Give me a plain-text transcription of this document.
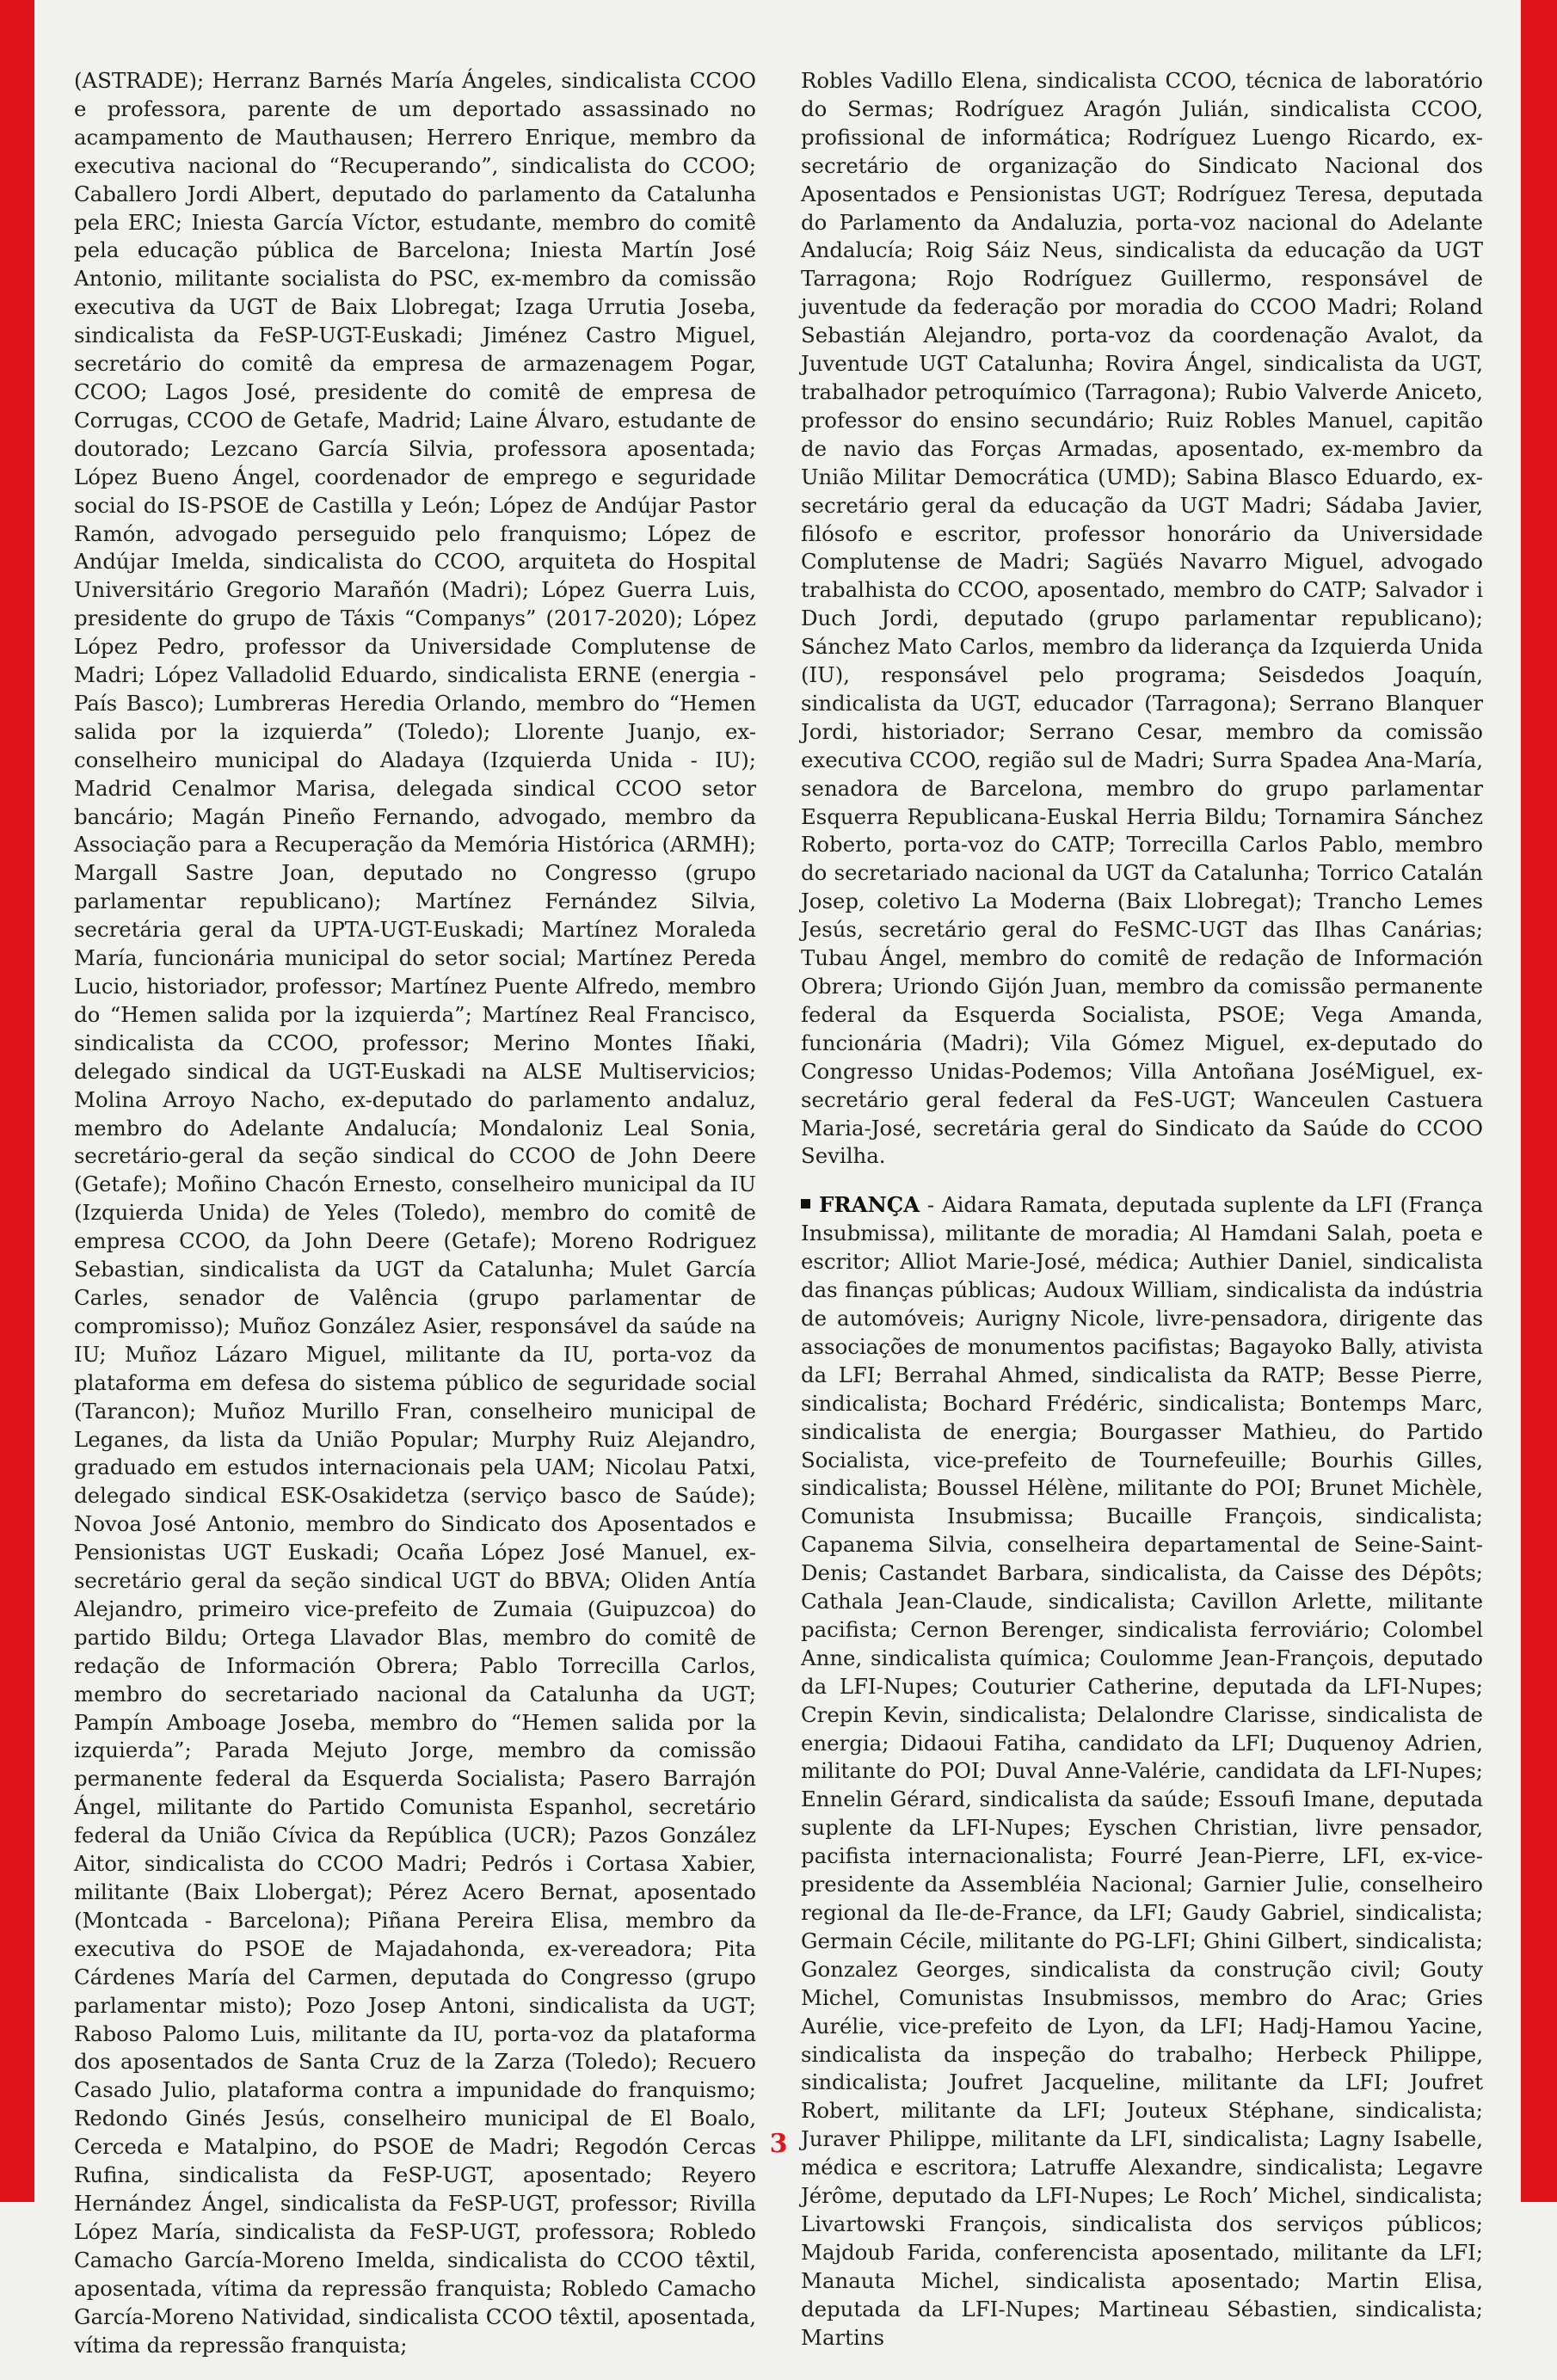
(ASTRADE); Herranz Barnés María Ángeles, sindicalista CCOO e professora, parente de um deportado assassinado no acampamento de Mauthausen; Herrero Enrique, membro da executiva nacional do “Recuperando”, sindicalista do CCOO; Caballero Jordi Albert, deputado do parlamento da Catalunha pela ERC; Iniesta García Víctor, estudante, membro do comitê pela educação pública de Barcelona; Iniesta Martín José Antonio, militante socialista do PSC, ex-membro da comissão executiva da UGT de Baix Llobregat; Izaga Urrutia Joseba, sindicalista da FeSP-UGT-Euskadi; Jiménez Castro Miguel, secretário do comitê da empresa de armazenagem Pogar, CCOO; Lagos José, presidente do comitê de empresa de Corrugas, CCOO de Getafe, Madrid; Laine Álvaro, estudante de doutorado; Lezcano García Silvia, professora aposentada; López Bueno Ángel, coordenador de emprego e seguridade social do IS-PSOE de Castilla y León; López de Andújar Pastor Ramón, advogado perseguido pelo franquismo; López de Andújar Imelda, sindicalista do CCOO, arquiteta do Hospital Universitário Gregorio Marañón (Madri); López Guerra Luis, presidente do grupo de Táxis “Companys” (2017-2020); López López Pedro, professor da Universidade Complutense de Madri; López Valladolid Eduardo, sindicalista ERNE (energia - País Basco); Lumbreras Heredia Orlando, membro do “Hemen salida por la izquierda” (Toledo); Llorente Juanjo, ex-conselheiro municipal do Aladaya (Izquierda Unida - IU); Madrid Cenalmor Marisa, delegada sindical CCOO setor bancário; Magán Pineño Fernando, advogado, membro da Associação para a Recuperação da Memória Histórica (ARMH); Margall Sastre Joan, deputado no Congresso (grupo parlamentar republicano); Martínez Fernández Silvia, secretária geral da UPTA-UGT-Euskadi; Martínez Moraleda María, funcionária municipal do setor social; Martínez Pereda Lucio, historiador, professor; Martínez Puente Alfredo, membro do “Hemen salida por la izquierda”; Martínez Real Francisco, sindicalista da CCOO, professor; Merino Montes Iñaki, delegado sindical da UGT-Euskadi na ALSE Multiservicios; Molina Arroyo Nacho, ex-deputado do parlamento andaluz, membro do Adelante Andalucía; Mondaloniz Leal Sonia, secretário-geral da seção sindical do CCOO de John Deere (Getafe); Moñino Chacón Ernesto, conselheiro municipal da IU (Izquierda Unida) de Yeles (Toledo), membro do comitê de empresa CCOO, da John Deere (Getafe); Moreno Rodriguez Sebastian, sindicalista da UGT da Catalunha; Mulet García Carles, senador de Valência (grupo parlamentar de compromisso); Muñoz González Asier, responsável da saúde na IU; Muñoz Lázaro Miguel, militante da IU, porta-voz da plataforma em defesa do sistema público de seguridade social (Tarancon); Muñoz Murillo Fran, conselheiro municipal de Leganes, da lista da União Popular; Murphy Ruiz Alejandro, graduado em estudos internacionais pela UAM; Nicolau Patxi, delegado sindical ESK-Osakidetza (serviço basco de Saúde); Novoa José Antonio, membro do Sindicato dos Aposentados e Pensionistas UGT Euskadi; Ocaña López José Manuel, ex-secretário geral da seção sindical UGT do BBVA; Oliden Antía Alejandro, primeiro vice-prefeito de Zumaia (Guipuzcoa) do partido Bildu; Ortega Llavador Blas, membro do comitê de redação de Información Obrera; Pablo Torrecilla Carlos, membro do secretariado nacional da Catalunha da UGT; Pampín Amboage Joseba, membro do “Hemen salida por la izquierda”; Parada Mejuto Jorge, membro da comissão permanente federal da Esquerda Socialista; Pasero Barrajón Ángel, militante do Partido Comunista Espanhol, secretário federal da União Cívica da República (UCR); Pazos González Aitor, sindicalista do CCOO Madri; Pedrós i Cortasa Xabier, militante (Baix Llobergat); Pérez Acero Bernat, aposentado (Montcada - Barcelona); Piñana Pereira Elisa, membro da executiva do PSOE de Majadahonda, ex-vereadora; Pita Cárdenes María del Carmen, deputada do Congresso (grupo parlamentar misto); Pozo Josep Antoni, sindicalista da UGT; Raboso Palomo Luis, militante da IU, porta-voz da plataforma dos aposentados de Santa Cruz de la Zarza (Toledo); Recuero Casado Julio, plataforma contra a impunidade do franquismo; Redondo Ginés Jesús, conselheiro municipal de El Boalo, Cerceda e Matalpino, do PSOE de Madri; Regodón Cercas Rufina, sindicalista da FeSP-UGT, aposentado; Reyero Hernández Ángel, sindicalista da FeSP-UGT, professor; Rivilla López María, sindicalista da FeSP-UGT, professora; Robledo Camacho García-Moreno Imelda, sindicalista do CCOO têxtil, aposentada, vítima da repressão franquista; Robledo Camacho García-Moreno Natividad, sindicalista CCOO têxtil, aposentada, vítima da repressão franquista;

Robles Vadillo Elena, sindicalista CCOO, técnica de laboratório do Sermas; Rodríguez Aragón Julián, sindicalista CCOO, profissional de informática; Rodríguez Luengo Ricardo, ex-secretário de organização do Sindicato Nacional dos Aposentados e Pensionistas UGT; Rodríguez Teresa, deputada do Parlamento da Andaluzia, porta-voz nacional do Adelante Andalucía; Roig Sáiz Neus, sindicalista da educação da UGT Tarragona; Rojo Rodríguez Guillermo, responsável de juventude da federação por moradia do CCOO Madri; Roland Sebastián Alejandro, porta-voz da coordenação Avalot, da Juventude UGT Catalunha; Rovira Ángel, sindicalista da UGT, trabalhador petroquímico (Tarragona); Rubio Valverde Aniceto, professor do ensino secundário; Ruiz Robles Manuel, capitão de navio das Forças Armadas, aposentado, ex-membro da União Militar Democrática (UMD); Sabina Blasco Eduardo, ex-secretário geral da educação da UGT Madri; Sádaba Javier, filósofo e escritor, professor honorário da Universidade Complutense de Madri; Sagüés Navarro Miguel, advogado trabalhista do CCOO, aposentado, membro do CATP; Salvador i Duch Jordi, deputado (grupo parlamentar republicano); Sánchez Mato Carlos, membro da liderança da Izquierda Unida (IU), responsável pelo programa; Seisdedos Joaquín, sindicalista da UGT, educador (Tarragona); Serrano Blanquer Jordi, historiador; Serrano Cesar, membro da comissão executiva CCOO, região sul de Madri; Surra Spadea Ana-María, senadora de Barcelona, membro do grupo parlamentar Esquerra Republicana-Euskal Herria Bildu; Tornamira Sánchez Roberto, porta-voz do CATP; Torrecilla Carlos Pablo, membro do secretariado nacional da UGT da Catalunha; Torrico Catalán Josep, coletivo La Moderna (Baix Llobregat); Trancho Lemes Jesús, secretário geral do FeSMC-UGT das Ilhas Canárias; Tubau Ángel, membro do comitê de redação de Información Obrera; Uriondo Gijón Juan, membro da comissão permanente federal da Esquerda Socialista, PSOE; Vega Amanda, funcionária (Madri); Vila Gómez Miguel, ex-deputado do Congresso Unidas-Podemos; Villa Antoñana JoséMiguel, ex-secretário geral federal da FeS-UGT; Wanceulen Castuera Maria-José, secretária geral do Sindicato da Saúde do CCOO Sevilha.

FRANÇA - Aidara Ramata, deputada suplente da LFI (França Insubmissa), militante de moradia; Al Hamdani Salah, poeta e escritor; Alliot Marie-José, médica; Authier Daniel, sindicalista das finanças públicas; Audoux William, sindicalista da indústria de automóveis; Aurigny Nicole, livre-pensadora, dirigente das associações de monumentos pacifistas; Bagayoko Bally, ativista da LFI; Berrahal Ahmed, sindicalista da RATP; Besse Pierre, sindicalista; Bochard Frédéric, sindicalista; Bontemps Marc, sindicalista de energia; Bourgasser Mathieu, do Partido Socialista, vice-prefeito de Tournefeuille; Bourhis Gilles, sindicalista; Boussel Hélène, militante do POI; Brunet Michèle, Comunista Insubmissa; Bucaille François, sindicalista; Capanema Silvia, conselheira departamental de Seine-Saint-Denis; Castandet Barbara, sindicalista, da Caisse des Dépôts; Cathala Jean-Claude, sindicalista; Cavillon Arlette, militante pacifista; Cernon Berenger, sindicalista ferroviário; Colombel Anne, sindicalista química; Coulomme Jean-François, deputado da LFI-Nupes; Couturier Catherine, deputada da LFI-Nupes; Crepin Kevin, sindicalista; Delalondre Clarisse, sindicalista de energia; Didaoui Fatiha, candidato da LFI; Duquenoy Adrien, militante do POI; Duval Anne-Valérie, candidata da LFI-Nupes; Ennelin Gérard, sindicalista da saúde; Essoufi Imane, deputada suplente da LFI-Nupes; Eyschen Christian, livre pensador, pacifista internacionalista; Fourré Jean-Pierre, LFI, ex-vice-presidente da Assembléia Nacional; Garnier Julie, conselheiro regional da Ile-de-France, da LFI; Gaudy Gabriel, sindicalista; Germain Cécile, militante do PG-LFI; Ghini Gilbert, sindicalista; Gonzalez Georges, sindicalista da construção civil; Gouty Michel, Comunistas Insubmissos, membro do Arac; Gries Aurélie, vice-prefeito de Lyon, da LFI; Hadj-Hamou Yacine, sindicalista da inspeção do trabalho; Herbeck Philippe, sindicalista; Joufret Jacqueline, militante da LFI; Joufret Robert, militante da LFI; Jouteux Stéphane, sindicalista; Juraver Philippe, militante da LFI, sindicalista; Lagny Isabelle, médica e escritora; Latruffe Alexandre, sindicalista; Legavre Jérôme, deputado da LFI-Nupes; Le Roch’ Michel, sindicalista; Livartowski François, sindicalista dos serviços públicos; Majdoub Farida, conferencista aposentado, militante da LFI; Manauta Michel, sindicalista aposentado; Martin Elisa, deputada da LFI-Nupes; Martineau Sébastien, sindicalista; Martins

3
